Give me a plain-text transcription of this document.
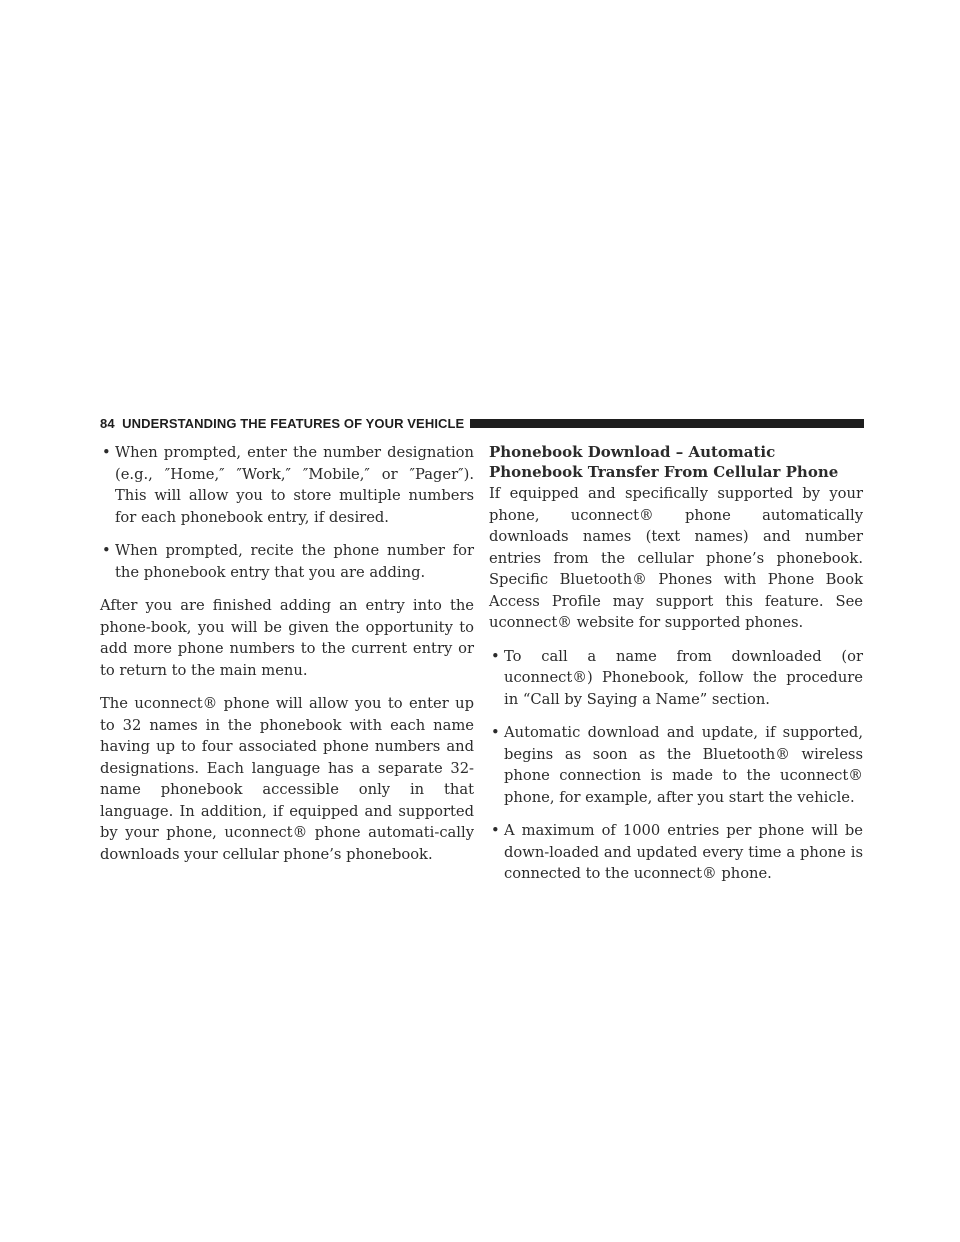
84 UNDERSTANDING THE FEATURES OF YOUR VEHICLE
• When prompted, enter the number designation (e.g., ″Home,″ ″Work,″ ″Mobile,″ or ″Pager″). This will allow you to store multiple numbers for each phonebook entry, if desired.
• When prompted, recite the phone number for the phonebook entry that you are adding.

After you are finished adding an entry into the phone-book, you will be given the opportunity to add more phone numbers to the current entry or to return to the main menu.

The uconnect® phone will allow you to enter up to 32 names in the phonebook with each name having up to four associated phone numbers and designations. Each language has a separate 32-name phonebook accessible only in that language. In addition, if equipped and supported by your phone, uconnect® phone automati-cally downloads your cellular phone’s phonebook.

Phonebook Download – Automatic Phonebook Transfer From Cellular Phone

If equipped and specifically supported by your phone, uconnect® phone automatically downloads names (text names) and number entries from the cellular phone’s phonebook. Specific Bluetooth® Phones with Phone Book Access Profile may support this feature. See uconnect® website for supported phones.

• To call a name from downloaded (or uconnect®) Phonebook, follow the procedure in “Call by Saying a Name” section.
• Automatic download and update, if supported, begins as soon as the Bluetooth® wireless phone connection is made to the uconnect® phone, for example, after you start the vehicle.
• A maximum of 1000 entries per phone will be down-loaded and updated every time a phone is connected to the uconnect® phone.
